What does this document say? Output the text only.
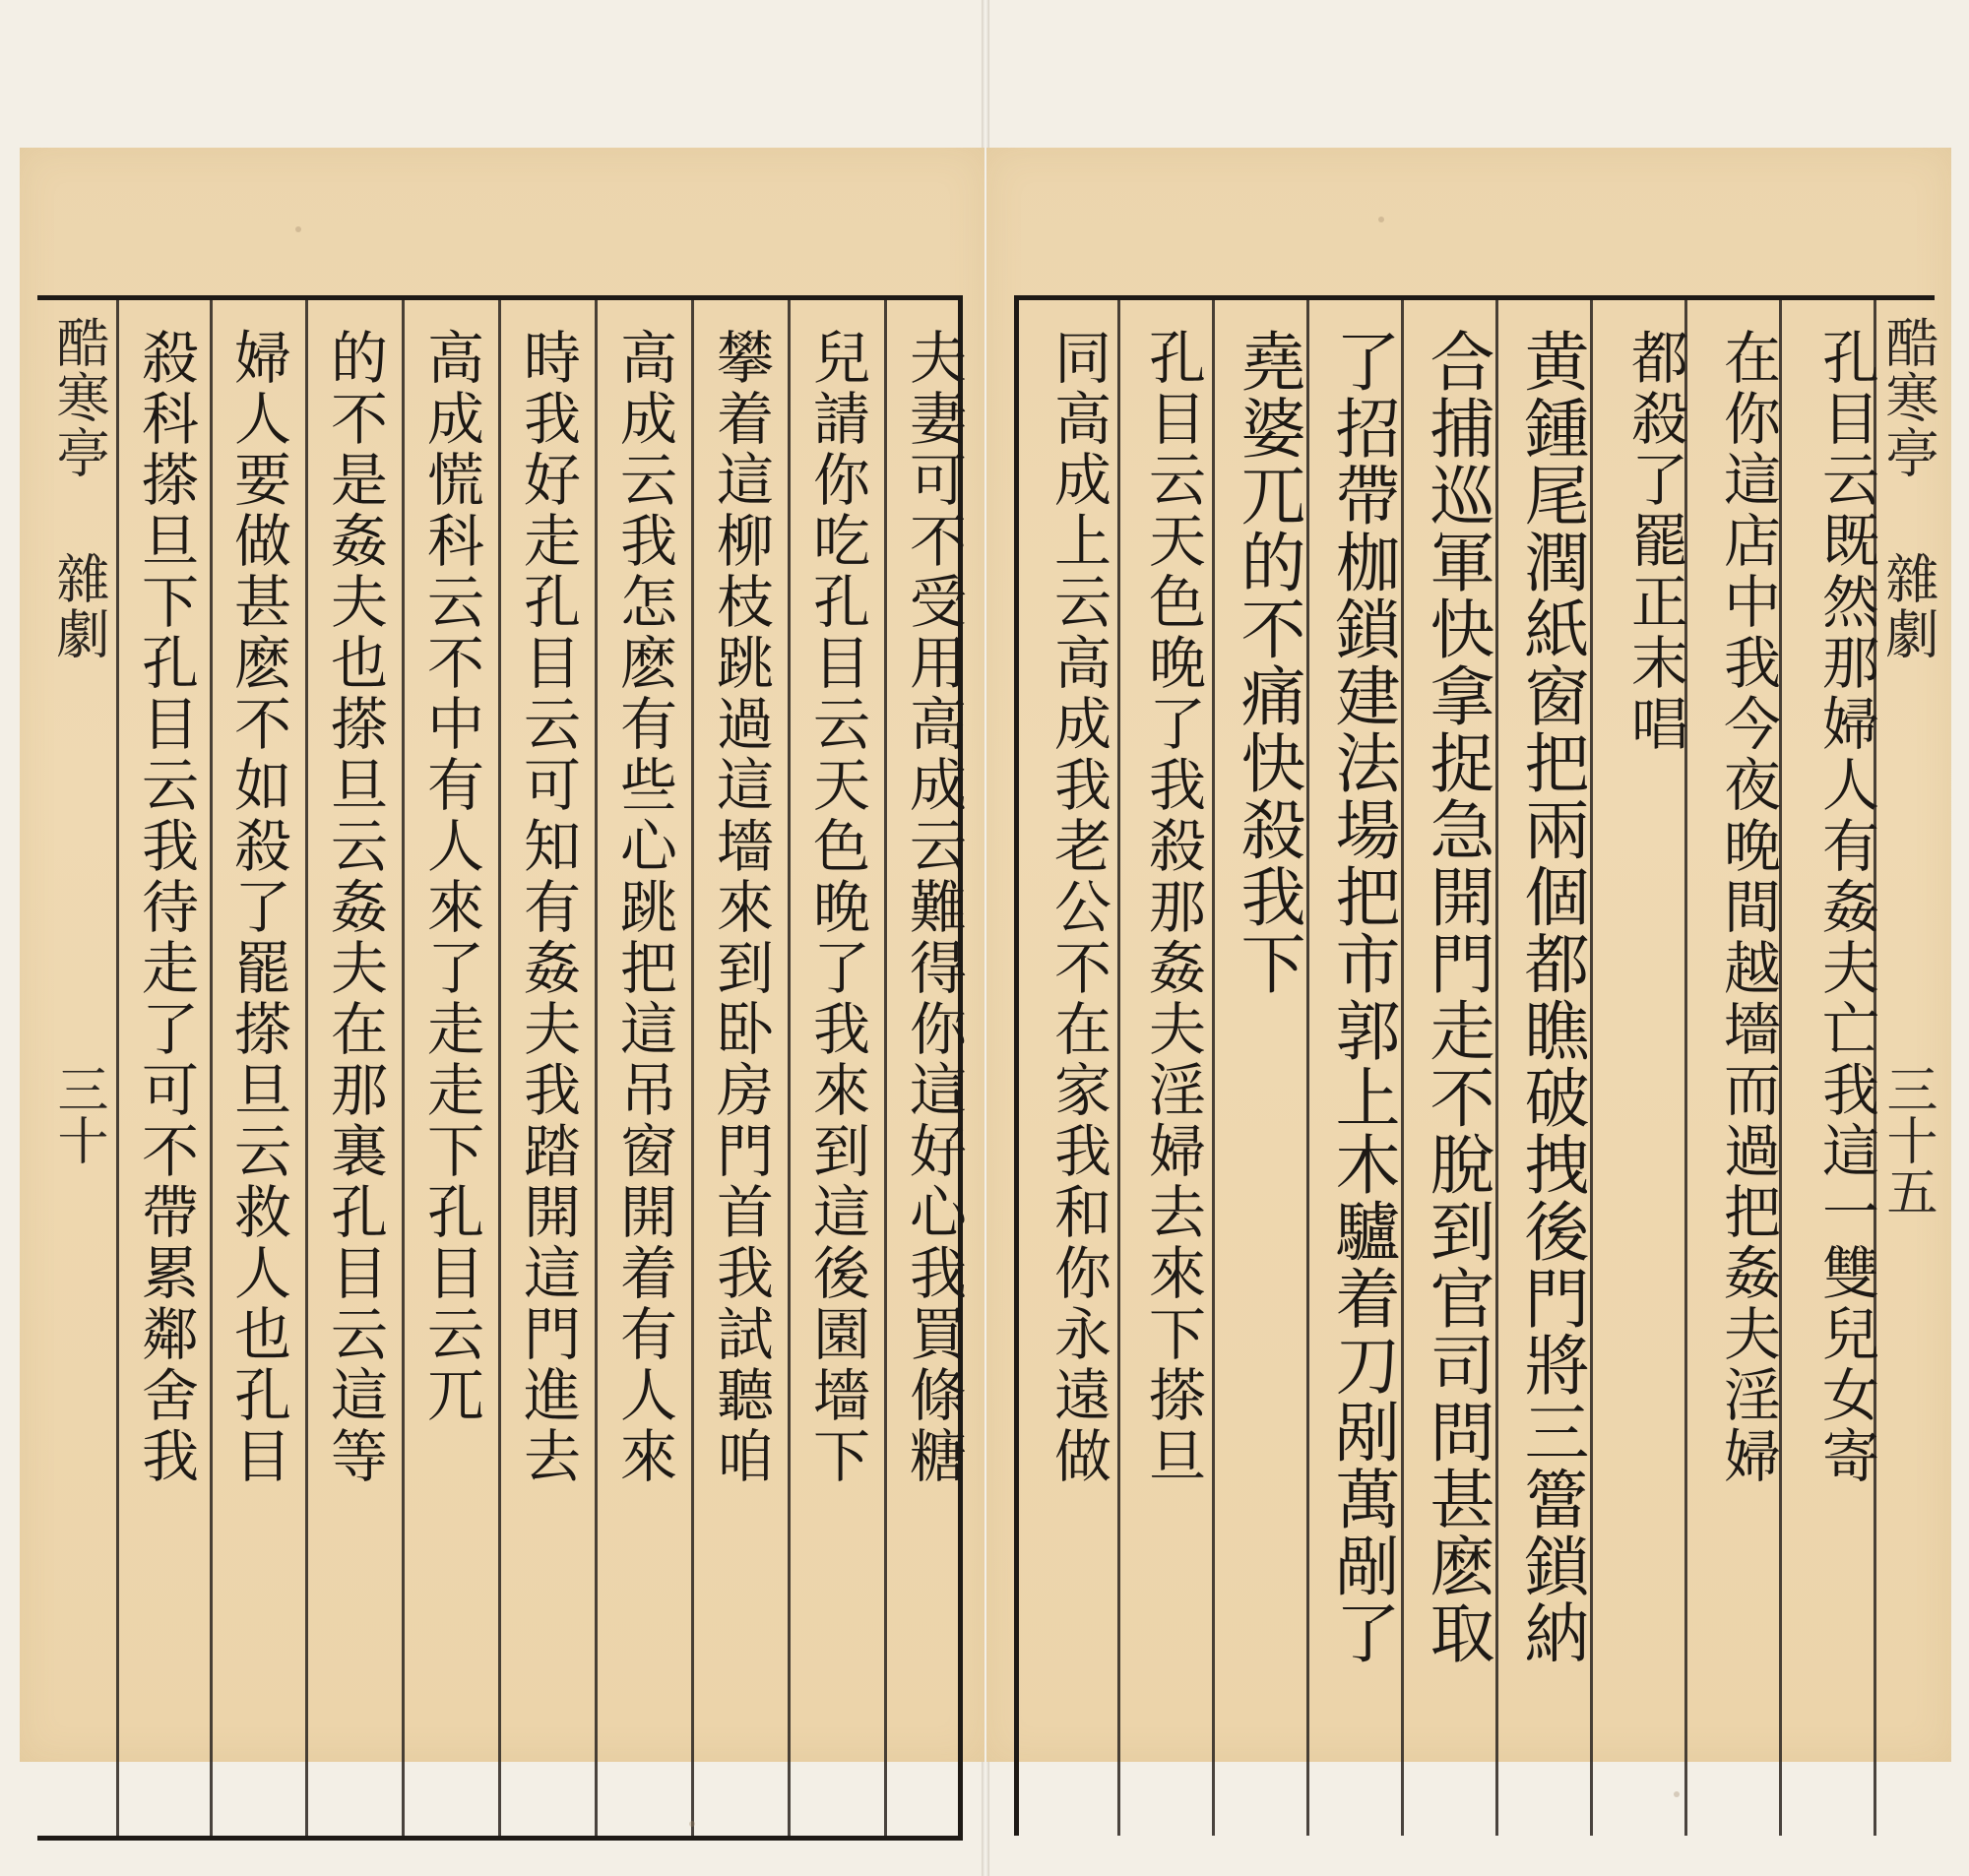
夫妻可不受用高成云難得你這好心我買條糖
兒請你吃孔目云天色晚了我來到這後園墻下
攀着這柳枝跳過這墻來到卧房門首我試聽咱
高成云我怎麽有些心跳把這吊窗開着有人來
時我好走孔目云可知有姦夫我踏開這門進去
高成慌科云不中有人來了走走下孔目云兀
的不是姦夫也搽旦云姦夫在那裏孔目云這等
婦人要做甚麽不如殺了罷搽旦云救人也孔目
殺科搽旦下孔目云我待走了可不帶累鄰舍我
酷寒亭
雜劇
三十	孔目云既然那婦人有姦夫亡我這一雙兒女寄
在你這店中我今夜晚間越墻而過把姦夫淫婦
都殺了罷正末唱
黄鍾尾潤紙窗把兩個都瞧破拽後門將三簹鎖納
合捕巡軍快拿捉急開門走不脫到官司問甚麽取
了招帶枷鎖建法場把市郭上木驢着刀剐萬剮了
堯婆兀的不痛快殺我下
孔目云天色晚了我殺那姦夫淫婦去來下搽旦
同高成上云高成我老公不在家我和你永遠做	酷寒亭
雜劇
三十五
